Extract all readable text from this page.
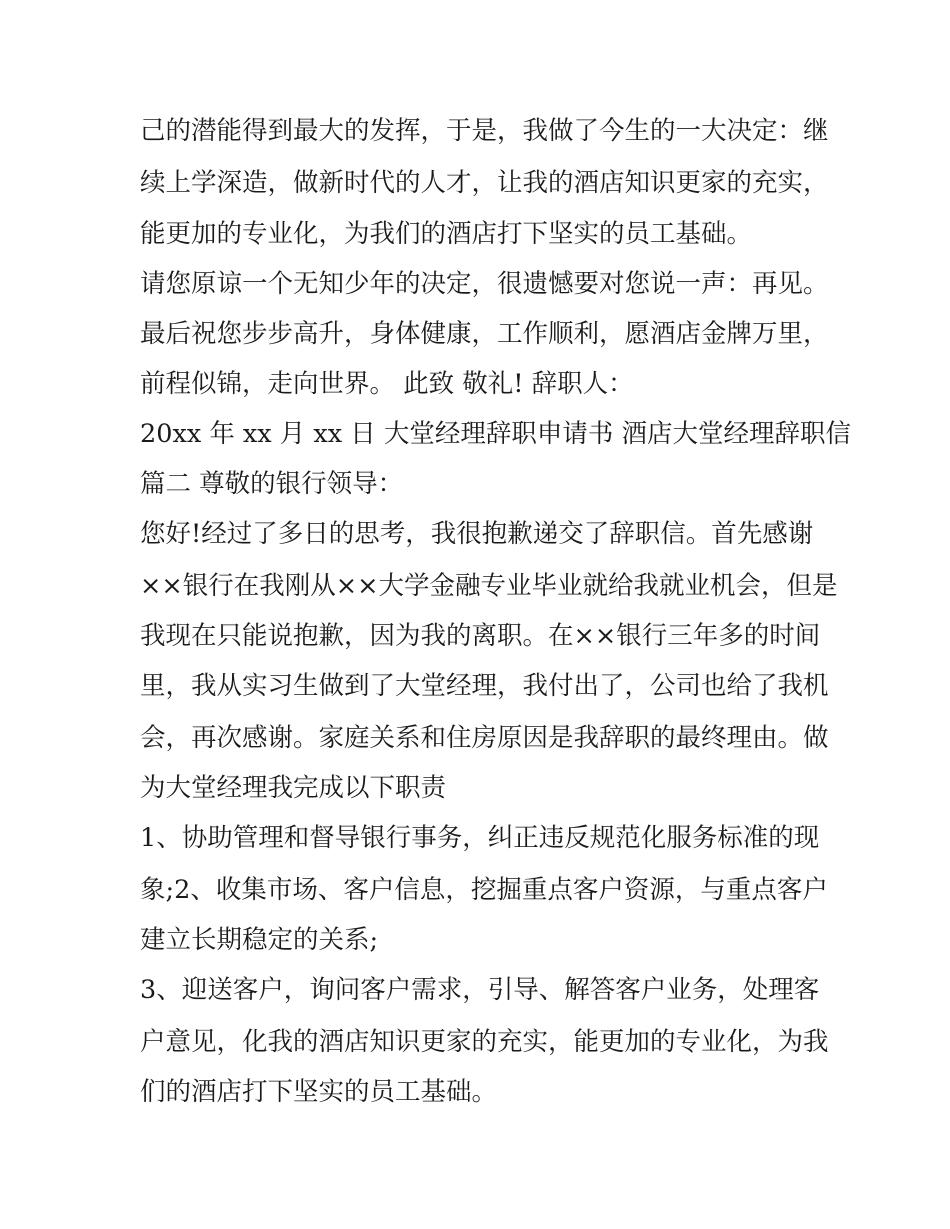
己的潜能得到最大的发挥，于是，我做了今生的一大决定：继
续上学深造，做新时代的人才，让我的酒店知识更家的充实，
能更加的专业化，为我们的酒店打下坚实的员工基础。
请您原谅一个无知少年的决定，很遗憾要对您说一声：再见。
最后祝您步步高升，身体健康，工作顺利，愿酒店金牌万里，
前程似锦，走向世界。 此致 敬礼! 辞职人：
20xx 年 xx 月 xx 日 大堂经理辞职申请书 酒店大堂经理辞职信
篇二 尊敬的银行领导：
您好!经过了多日的思考，我很抱歉递交了辞职信。首先感谢
××银行在我刚从××大学金融专业毕业就给我就业机会，但是
我现在只能说抱歉，因为我的离职。在××银行三年多的时间
里，我从实习生做到了大堂经理，我付出了，公司也给了我机
会，再次感谢。家庭关系和住房原因是我辞职的最终理由。做
为大堂经理我完成以下职责
1、协助管理和督导银行事务，纠正违反规范化服务标准的现
象;2、收集市场、客户信息，挖掘重点客户资源，与重点客户
建立长期稳定的关系;
3、迎送客户，询问客户需求，引导、解答客户业务，处理客
户意见，化我的酒店知识更家的充实，能更加的专业化，为我
们的酒店打下坚实的员工基础。
